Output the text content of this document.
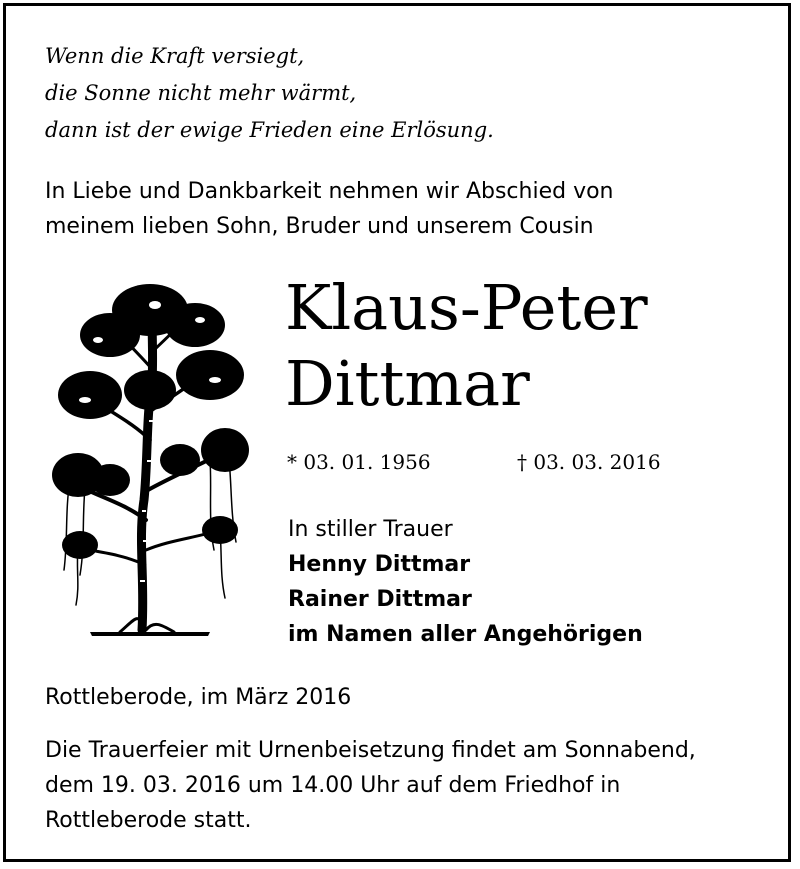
Wenn die Kraft versiegt,
die Sonne nicht mehr wärmt,
dann ist der ewige Frieden eine Erlösung.
In Liebe und Dankbarkeit nehmen wir Abschied von
meinem lieben Sohn, Bruder und unserem Cousin
Klaus-Peter
Dittmar
* 03. 01. 1956	† 03. 03. 2016
In stiller Trauer
Henny Dittmar
Rainer Dittmar
im Namen aller Angehörigen
Rottleberode, im März 2016
Die Trauerfeier mit Urnenbeisetzung findet am Sonnabend,
dem 19. 03. 2016 um 14.00 Uhr auf dem Friedhof in
Rottleberode statt.
